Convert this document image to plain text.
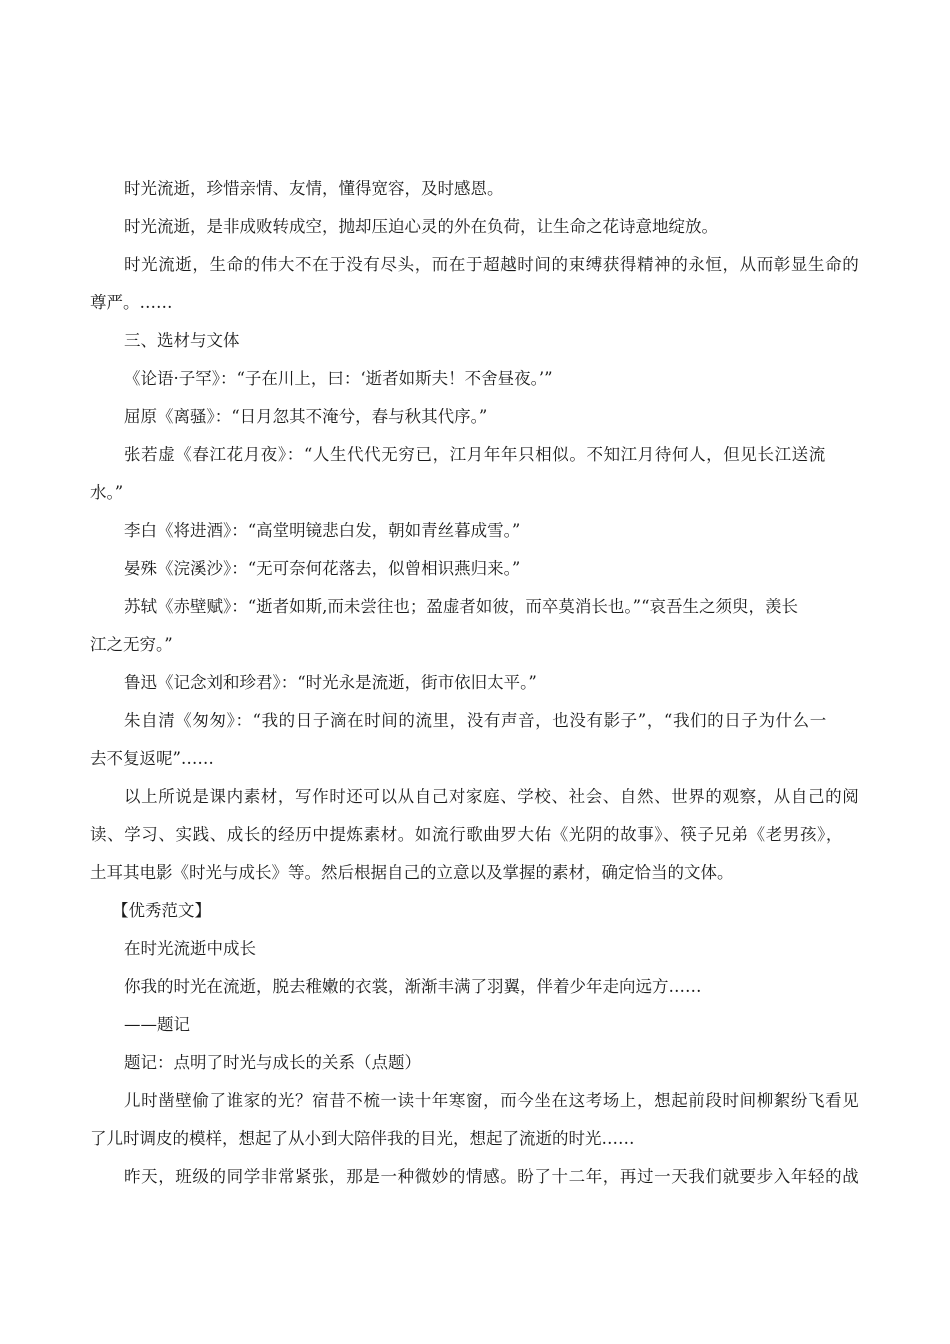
时光流逝，珍惜亲情、友情，懂得宽容，及时感恩。
时光流逝，是非成败转成空，抛却压迫心灵的外在负荷，让生命之花诗意地绽放。
时光流逝，生命的伟大不在于没有尽头，而在于超越时间的束缚获得精神的永恒，从而彰显生命的
尊严。……
三、选材与文体
《论语·子罕》：“子在川上，曰：‘逝者如斯夫！不舍昼夜。’”
屈原《离骚》：“日月忽其不淹兮，春与秋其代序。”
张若虚《春江花月夜》：“人生代代无穷已，江月年年只相似。不知江月待何人，但见长江送流
水。”
李白《将进酒》：“高堂明镜悲白发，朝如青丝暮成雪。”
晏殊《浣溪沙》：“无可奈何花落去，似曾相识燕归来。”
苏轼《赤壁赋》：“逝者如斯,而未尝往也；盈虚者如彼，而卒莫消长也。”“哀吾生之须臾，羡长
江之无穷。”
鲁迅《记念刘和珍君》：“时光永是流逝，街市依旧太平。”
朱自清《匆匆》：“我的日子滴在时间的流里，没有声音，也没有影子”，“我们的日子为什么一
去不复返呢”……
以上所说是课内素材，写作时还可以从自己对家庭、学校、社会、自然、世界的观察，从自己的阅
读、学习、实践、成长的经历中提炼素材。如流行歌曲罗大佑《光阴的故事》、筷子兄弟《老男孩》，
土耳其电影《时光与成长》等。然后根据自己的立意以及掌握的素材，确定恰当的文体。
【优秀范文】
在时光流逝中成长
你我的时光在流逝，脱去稚嫩的衣裳，渐渐丰满了羽翼，伴着少年走向远方……
——题记
题记：点明了时光与成长的关系（点题）
儿时凿壁偷了谁家的光？宿昔不梳一读十年寒窗，而今坐在这考场上，想起前段时间柳絮纷飞看见
了儿时调皮的模样，想起了从小到大陪伴我的目光，想起了流逝的时光……
昨天，班级的同学非常紧张，那是一种微妙的情感。盼了十二年，再过一天我们就要步入年轻的战
